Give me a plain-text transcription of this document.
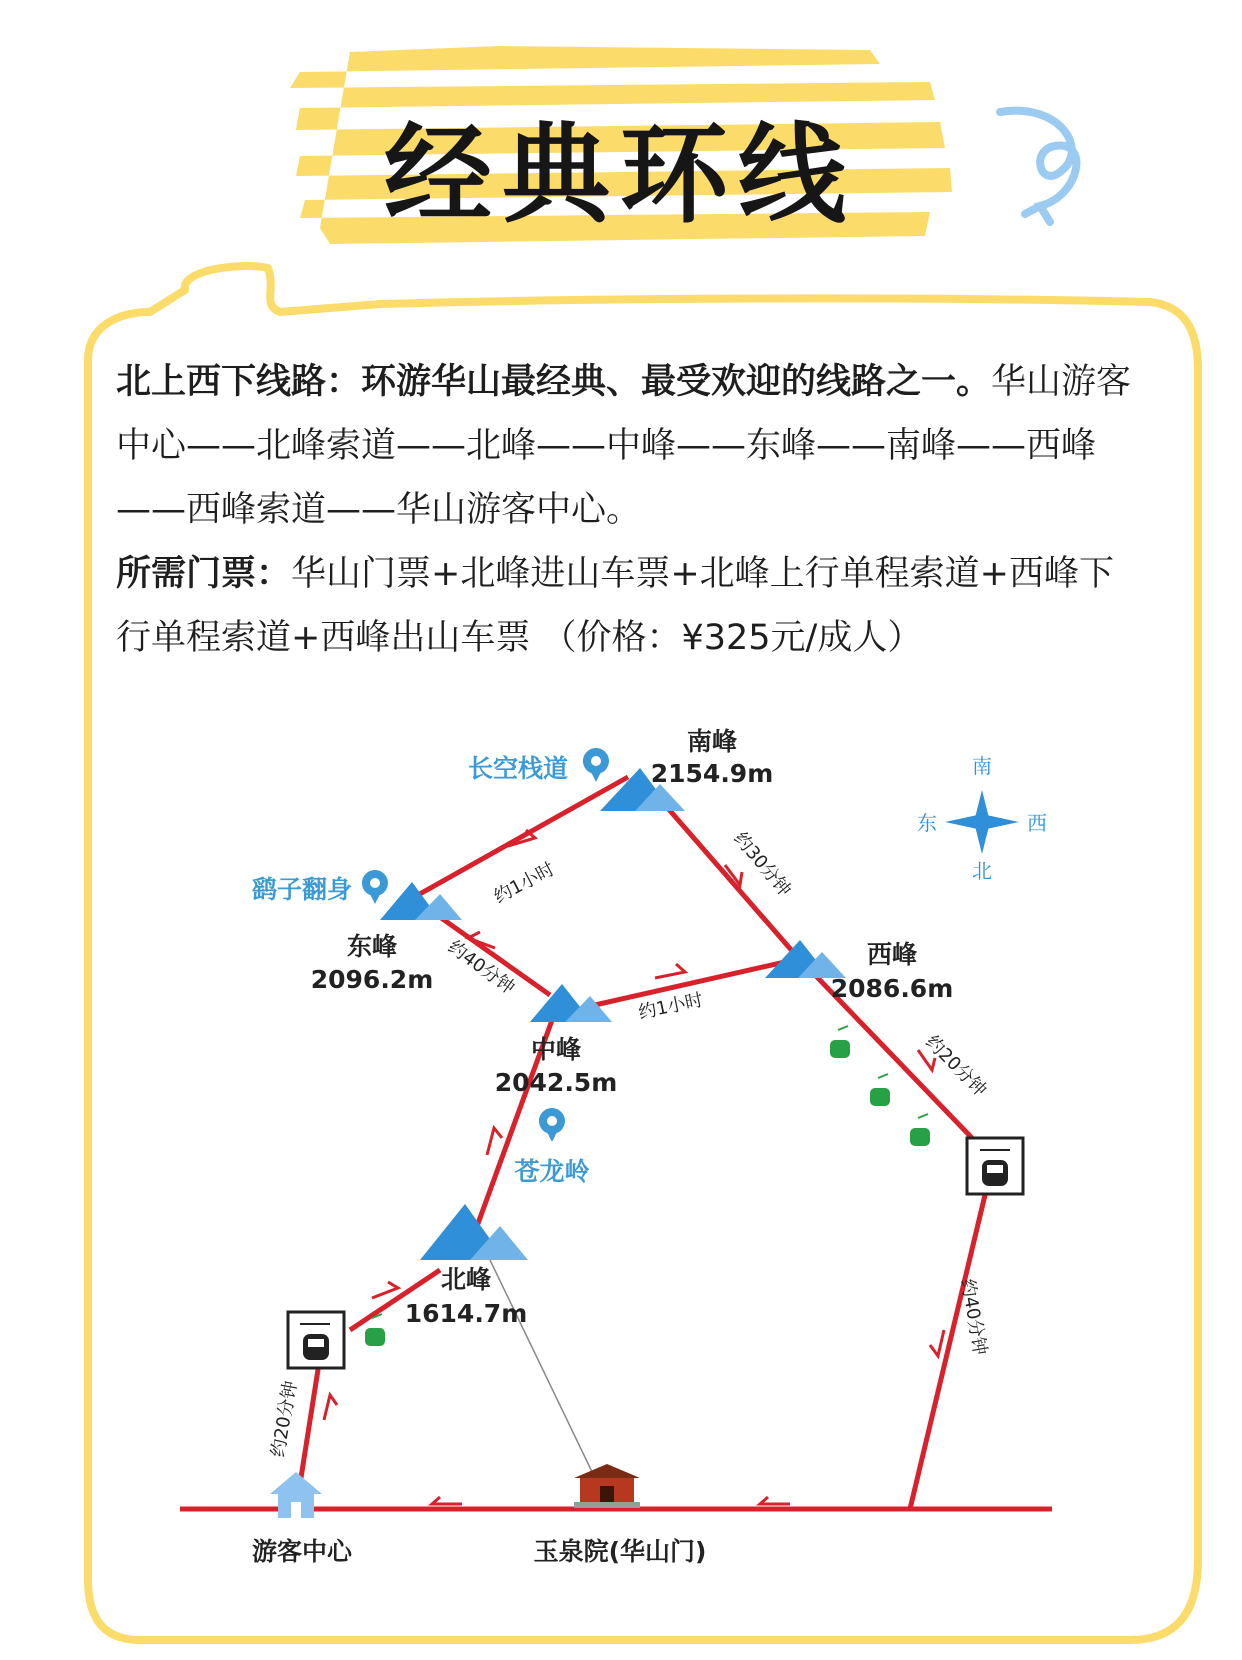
南峰
2154.9m
东峰
2096.2m
西峰
2086.6m
中峰
2042.5m
北峰
1614.7m
长空栈道
鹞子翻身
苍龙岭
游客中心	玉泉院(华山门)
约1小时	约30分钟
约40分钟
约1小时
约20分钟
约40分钟
约20分钟
南
北
东	西
经典环线

北上西下线路：环游华山最经典、最受欢迎的线路之一。华山游客中心——北峰索道——北峰——中峰——东峰——南峰——西峰——西峰索道——华山游客中心。

所需门票：华山门票+北峰进山车票+北峰上行单程索道+西峰下行单程索道+西峰出山车票 （价格：¥325元/成人）
